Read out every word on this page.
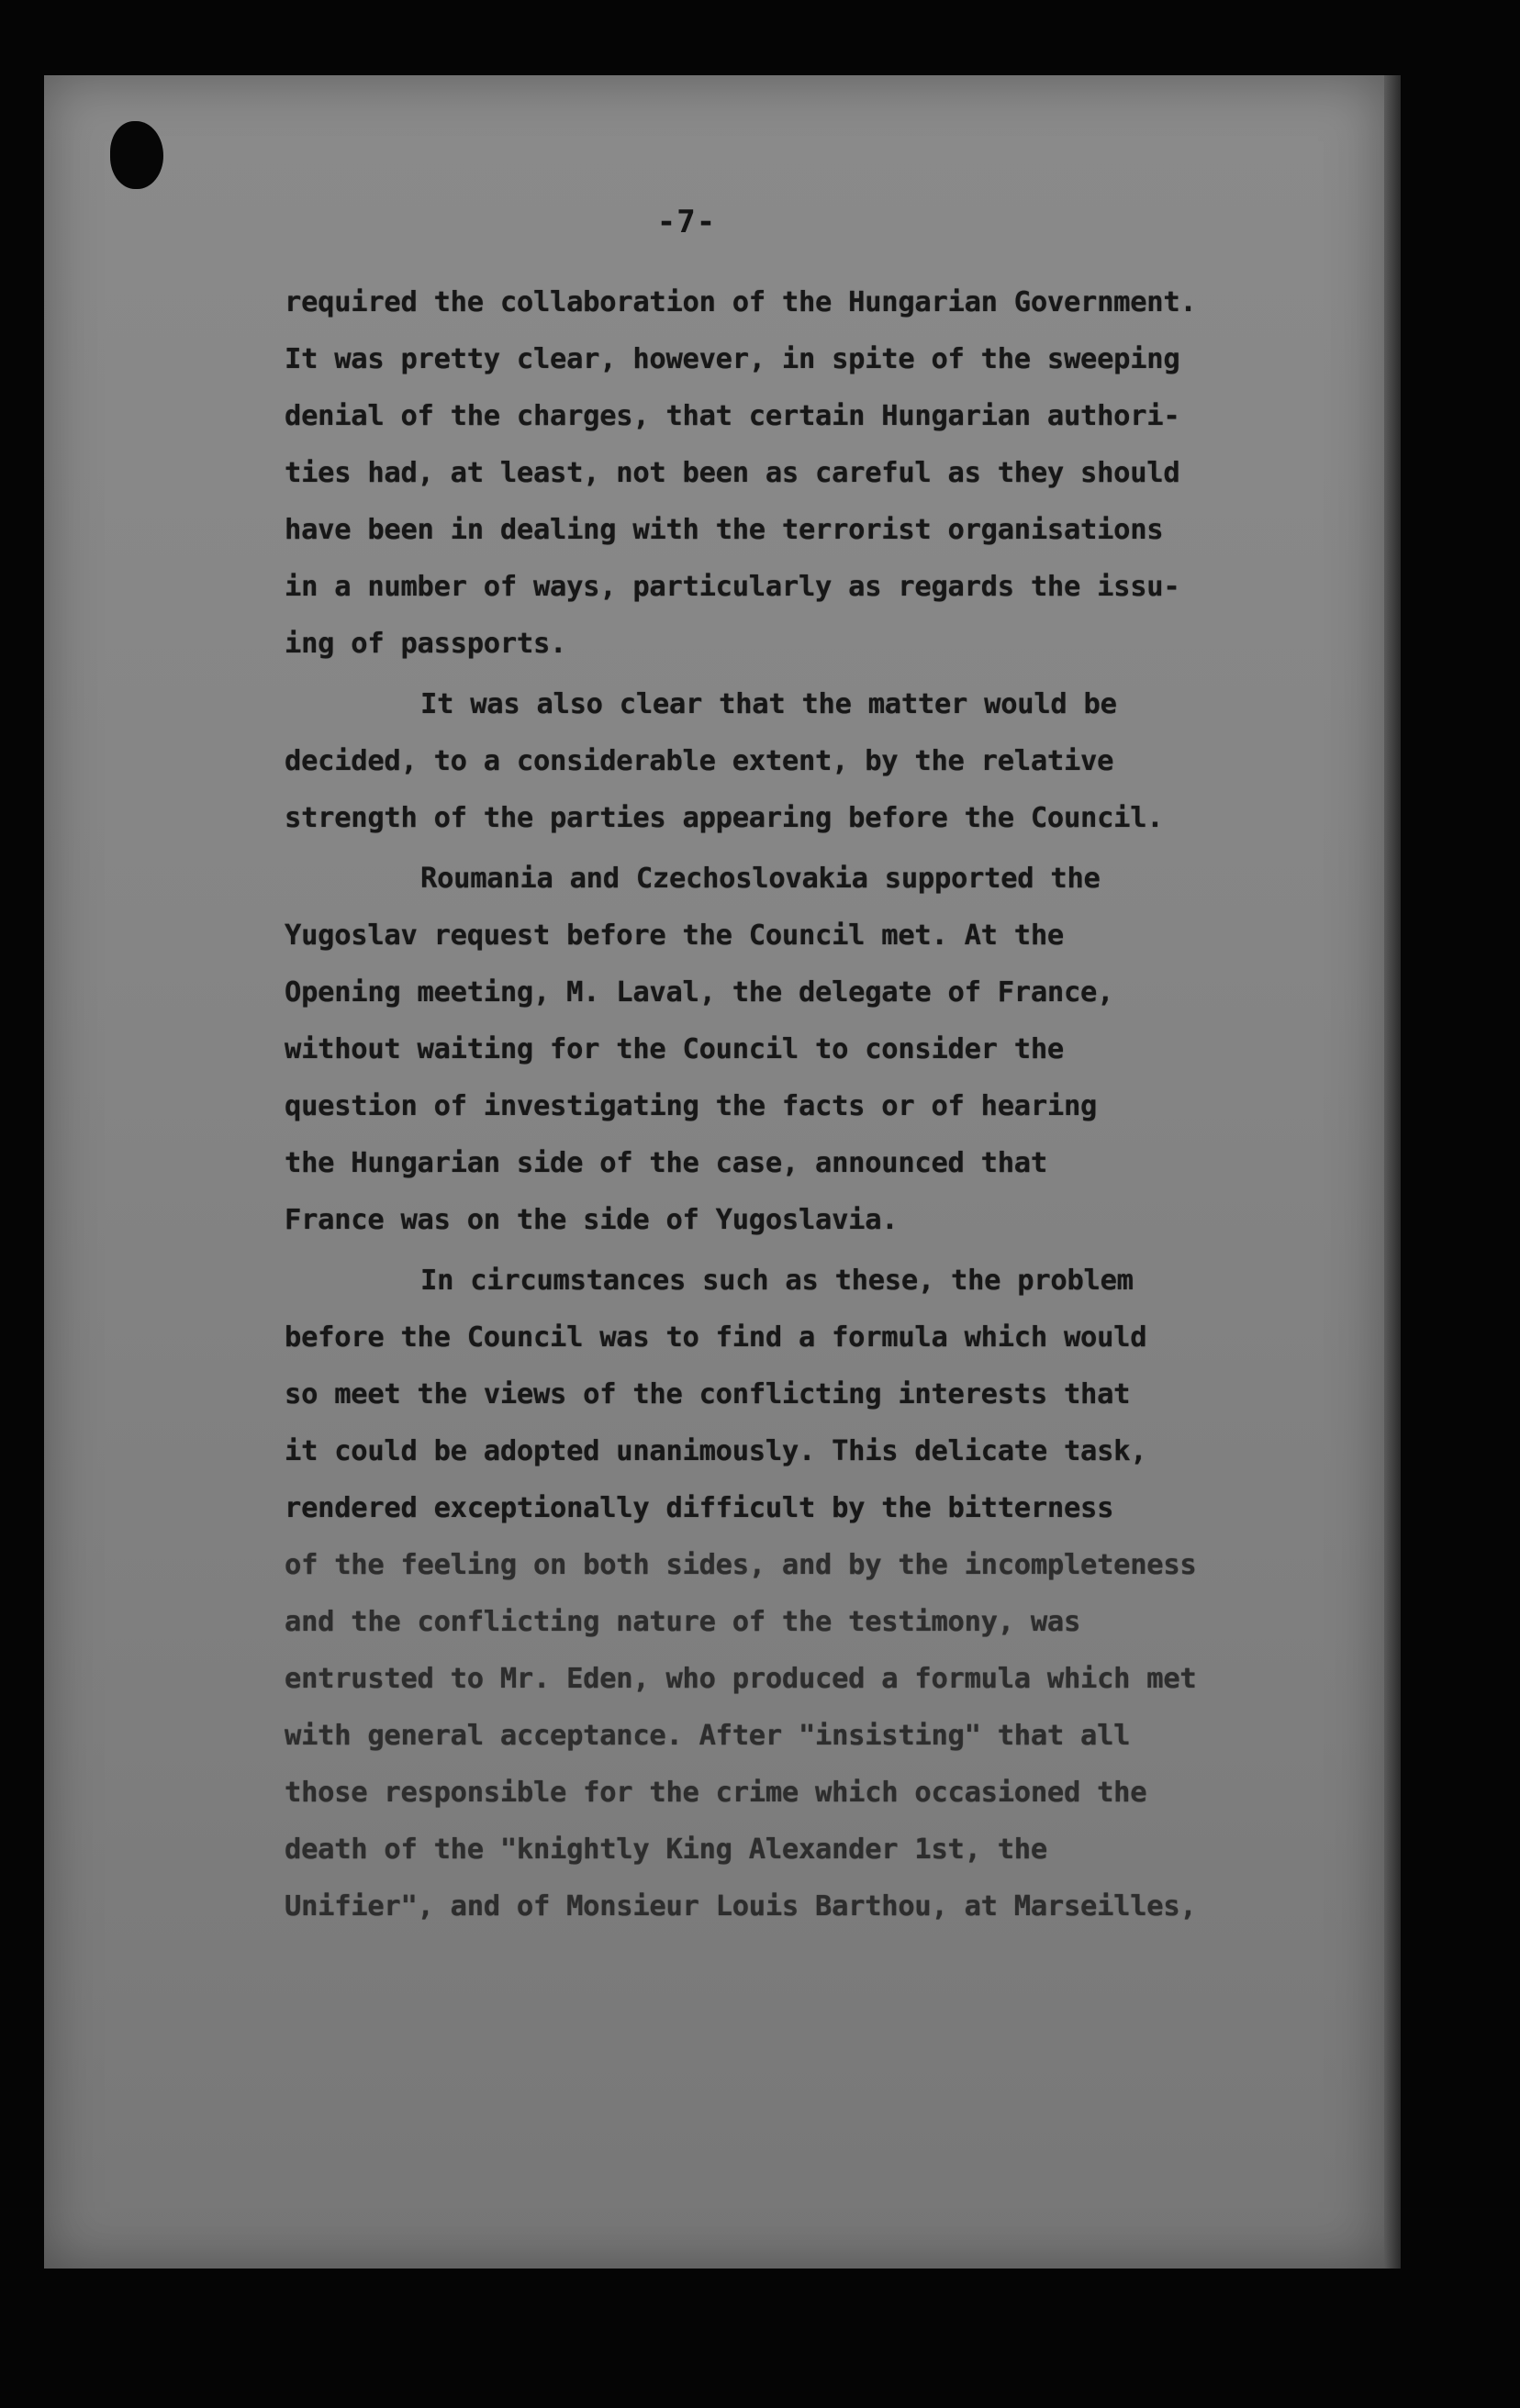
-7-

required the collaboration of the Hungarian Government.

It was pretty clear, however, in spite of the sweeping

denial of the charges, that certain Hungarian authori-

ties had, at least, not been as careful as they should

have been in dealing with the terrorist organisations

in a number of ways, particularly as regards the issu-

ing of passports.

It was also clear that the matter would be

decided, to a considerable extent, by the relative

strength of the parties appearing before the Council.

Roumania and Czechoslovakia supported the

Yugoslav request before the Council met. At the

Opening meeting, M. Laval, the delegate of France,

without waiting for the Council to consider the

question of investigating the facts or of hearing

the Hungarian side of the case, announced that

France was on the side of Yugoslavia.

In circumstances such as these, the problem

before the Council was to find a formula which would

so meet the views of the conflicting interests that

it could be adopted unanimously. This delicate task,

rendered exceptionally difficult by the bitterness

of the feeling on both sides, and by the incompleteness

and the conflicting nature of the testimony, was

entrusted to Mr. Eden, who produced a formula which met

with general acceptance. After "insisting" that all

those responsible for the crime which occasioned the

death of the "knightly King Alexander 1st, the

Unifier", and of Monsieur Louis Barthou, at Marseilles,
